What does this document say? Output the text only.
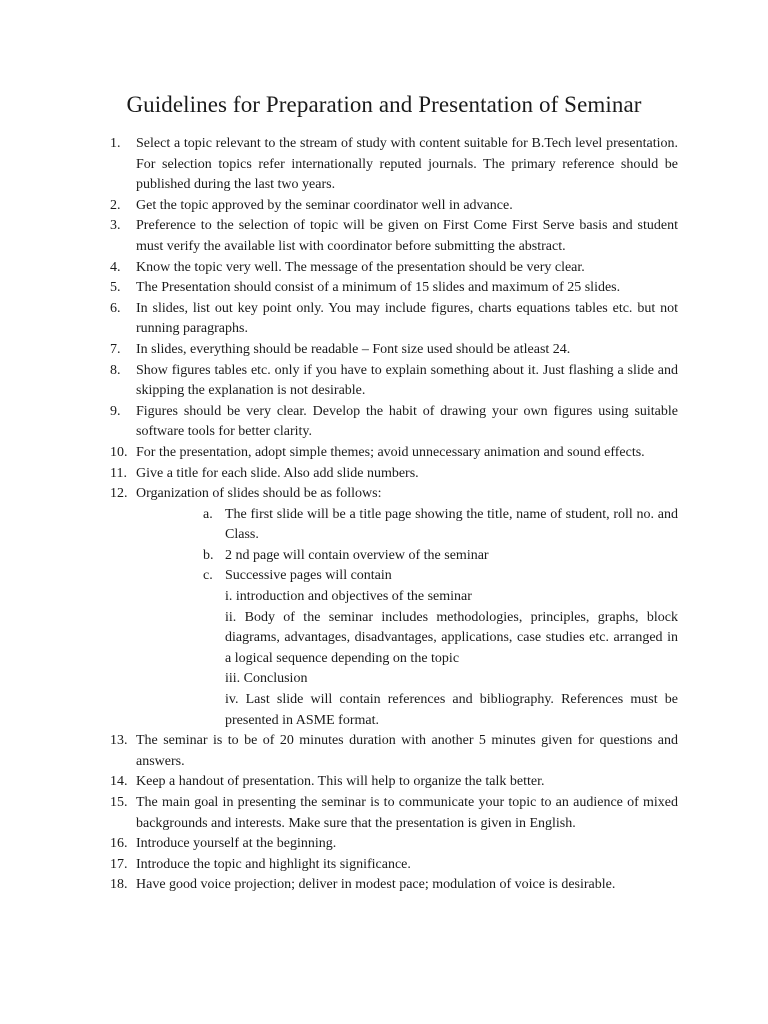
Guidelines for Preparation and Presentation of Seminar
1.	Select a topic relevant to the stream of study with content suitable for B.Tech level presentation. For selection topics refer internationally reputed journals. The primary reference should be published during the last two years.
2.	Get the topic approved by the seminar coordinator well in advance.
3.	Preference to the selection of topic will be given on First Come First Serve basis and student must verify the available list with coordinator before submitting the abstract.
4.	Know the topic very well. The message of the presentation should be very clear.
5.	The Presentation should consist of a minimum of 15 slides and maximum of 25 slides.
6.	In slides, list out key point only. You may include figures, charts equations tables etc. but not running paragraphs.
7.	In slides, everything should be readable – Font size used should be atleast 24.
8.	Show figures tables etc. only if you have to explain something about it. Just flashing a slide and skipping the explanation is not desirable.
9.	Figures should be very clear. Develop the habit of drawing your own figures using suitable software tools for better clarity.
10. For the presentation, adopt simple themes; avoid unnecessary animation and sound effects.
11. Give a title for each slide. Also add slide numbers.
12. Organization of slides should be as follows:
a. The first slide will be a title page showing the title, name of student, roll no. and Class.
b. 2 nd page will contain overview of the seminar
c. Successive pages will contain
i. introduction and objectives of the seminar
ii. Body of the seminar includes methodologies, principles, graphs, block diagrams, advantages, disadvantages, applications, case studies etc. arranged in a logical sequence depending on the topic
iii. Conclusion
iv. Last slide will contain references and bibliography. References must be presented in ASME format.
13. The seminar is to be of 20 minutes duration with another 5 minutes given for questions and answers.
14. Keep a handout of presentation. This will help to organize the talk better.
15. The main goal in presenting the seminar is to communicate your topic to an audience of mixed backgrounds and interests. Make sure that the presentation is given in English.
16. Introduce yourself at the beginning.
17. Introduce the topic and highlight its significance.
18. Have good voice projection; deliver in modest pace; modulation of voice is desirable.
